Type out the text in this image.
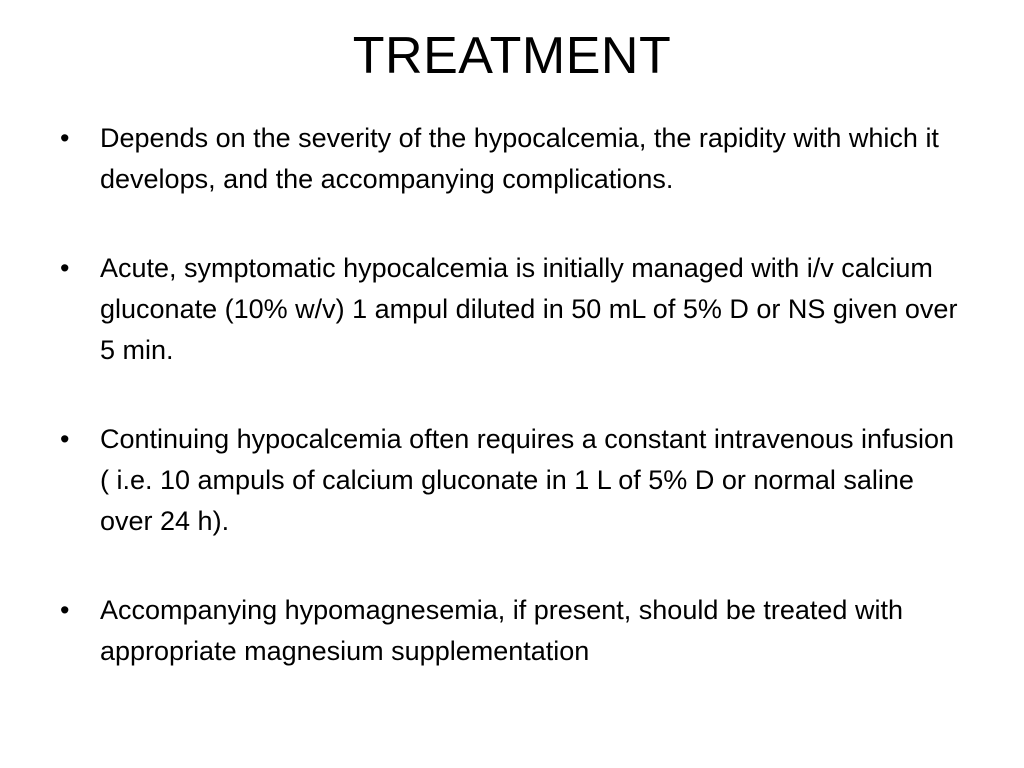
TREATMENT
•	Depends on the severity of the hypocalcemia, the rapidity with which it develops, and the accompanying complications.
•	Acute, symptomatic hypocalcemia is initially managed with i/v calcium gluconate (10% w/v) 1 ampul diluted in 50 mL of 5% D or NS given over 5 min.
•	Continuing hypocalcemia often requires a constant intravenous infusion ( i.e. 10 ampuls of calcium gluconate in 1 L of 5% D or normal saline over 24 h).
•	Accompanying hypomagnesemia, if present, should be treated with appropriate magnesium supplementation
